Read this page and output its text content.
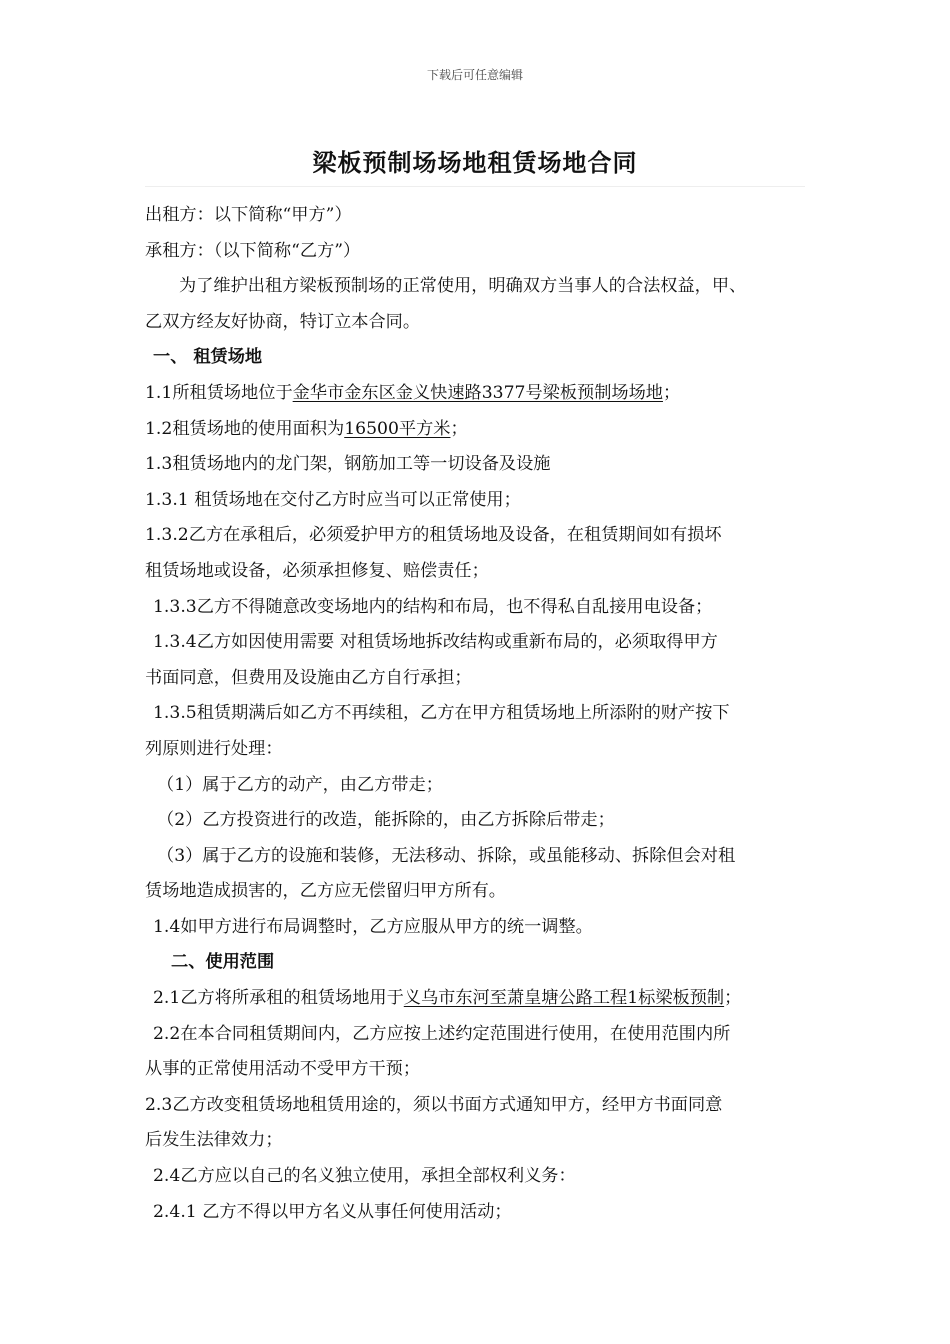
下载后可任意编辑
梁板预制场场地租赁场地合同
出租方：以下简称“甲方”）
承租方：（以下简称“乙方”）
为了维护出租方梁板预制场的正常使用，明确双方当事人的合法权益，甲、
乙双方经友好协商，特订立本合同。
一、 租赁场地
1.1所租赁场地位于金华市金东区金义快速路3377号梁板预制场场地；
1.2租赁场地的使用面积为16500平方米；
1.3租赁场地内的龙门架，钢筋加工等一切设备及设施
1.3.1 租赁场地在交付乙方时应当可以正常使用；
1.3.2乙方在承租后，必须爱护甲方的租赁场地及设备，在租赁期间如有损坏
租赁场地或设备，必须承担修复、赔偿责任；
1.3.3乙方不得随意改变场地内的结构和布局，也不得私自乱接用电设备；
1.3.4乙方如因使用需要 对租赁场地拆改结构或重新布局的，必须取得甲方
书面同意，但费用及设施由乙方自行承担；
1.3.5租赁期满后如乙方不再续租，乙方在甲方租赁场地上所添附的财产按下
列原则进行处理：
（1）属于乙方的动产，由乙方带走；
（2）乙方投资进行的改造，能拆除的，由乙方拆除后带走；
（3）属于乙方的设施和装修，无法移动、拆除，或虽能移动、拆除但会对租
赁场地造成损害的，乙方应无偿留归甲方所有。
1.4如甲方进行布局调整时，乙方应服从甲方的统一调整。
二、使用范围
2.1乙方将所承租的租赁场地用于义乌市东河至萧皇塘公路工程1标梁板预制；
2.2在本合同租赁期间内，乙方应按上述约定范围进行使用，在使用范围内所
从事的正常使用活动不受甲方干预；
2.3乙方改变租赁场地租赁用途的，须以书面方式通知甲方，经甲方书面同意
后发生法律效力；
2.4乙方应以自己的名义独立使用，承担全部权利义务：
2.4.1 乙方不得以甲方名义从事任何使用活动；
